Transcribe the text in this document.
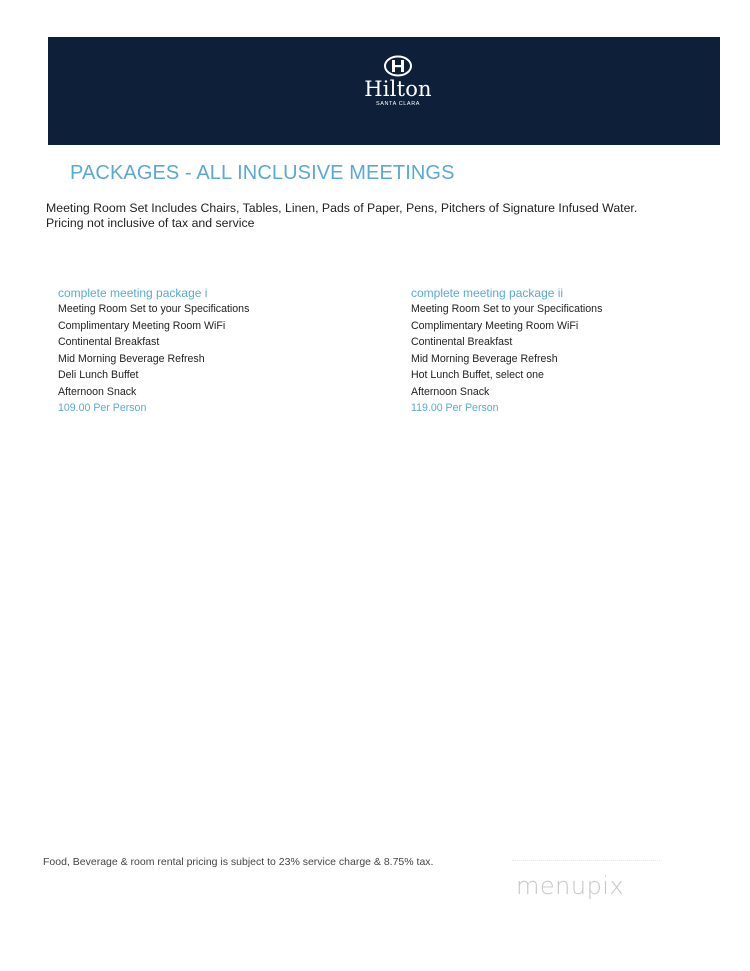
Hilton
SANTA CLARA
PACKAGES - ALL INCLUSIVE MEETINGS
Meeting Room Set Includes Chairs, Tables, Linen, Pads of Paper, Pens, Pitchers of Signature Infused Water.
Pricing not inclusive of tax and service
complete meeting package i
Meeting Room Set to your Specifications
Complimentary Meeting Room WiFi
Continental Breakfast
Mid Morning Beverage Refresh
Deli Lunch Buffet
Afternoon Snack
109.00 Per Person
complete meeting package ii
Meeting Room Set to your Specifications
Complimentary Meeting Room WiFi
Continental Breakfast
Mid Morning Beverage Refresh
Hot Lunch Buffet, select one
Afternoon Snack
119.00 Per Person
Food, Beverage & room rental pricing is subject to 23% service charge & 8.75% tax.
menupix
